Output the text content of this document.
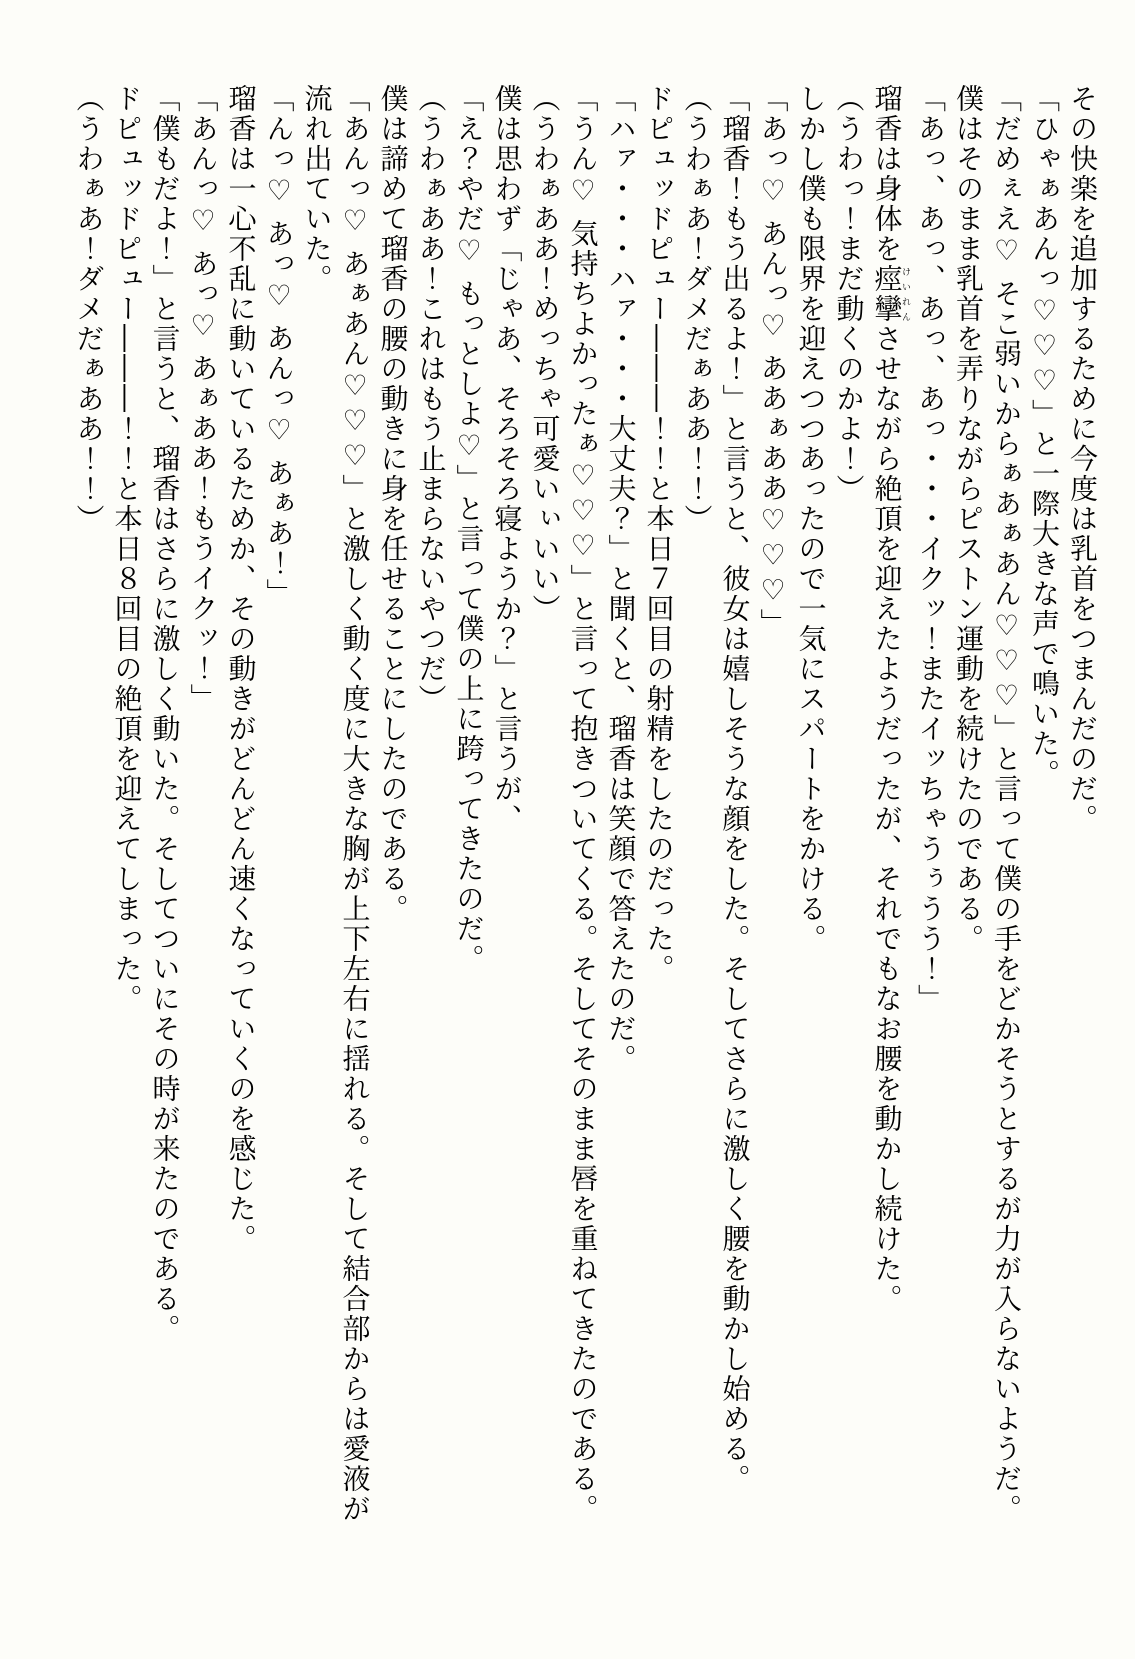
その快楽を追加するために今度は乳首をつまんだのだ。

「ひゃぁあんっ♡♡♡」と一際大きな声で鳴いた。

「だめぇえ♡ そこ弱いからぁあぁあん♡♡♡」と言って僕の手をどかそうとするが力が入らないようだ。

僕はそのまま乳首を弄りながらピストン運動を続けたのである。

「あっ、あっ、あっ、あっ・・・イクッ！またイッちゃうぅうう！」

瑠香は身体を痙攣けいれんさせながら絶頂を迎えたようだったが、それでもなお腰を動かし続けた。

（うわっ！まだ動くのかよ！）

しかし僕も限界を迎えつつあったので一気にスパートをかける。

「あっ♡ あんっ♡ ああぁああ♡♡♡」

「瑠香！もう出るよ！」と言うと、彼女は嬉しそうな顔をした。そしてさらに激しく腰を動かし始める。

（うわぁあ！ダメだぁああ！！）

ドピュッドピュー―――！！と本日７回目の射精をしたのだった。

「ハァ・・・ハァ・・・大丈夫？」と聞くと、瑠香は笑顔で答えたのだ。

「うん♡ 気持ちよかったぁ♡♡♡」と言って抱きついてくる。そしてそのまま唇を重ねてきたのである。

（うわぁああ！めっちゃ可愛いぃいい）

僕は思わず「じゃあ、そろそろ寝ようか？」と言うが、

「え？やだ♡ もっとしよ♡」と言って僕の上に跨ってきたのだ。

（うわぁああ！これはもう止まらないやつだ）

僕は諦めて瑠香の腰の動きに身を任せることにしたのである。

「あんっ♡ あぁあん♡♡♡」と激しく動く度に大きな胸が上下左右に揺れる。そして結合部からは愛液が流れ出ていた。

「んっ♡ あっ♡ あんっ♡ あぁあ！」

瑠香は一心不乱に動いているためか、その動きがどんどん速くなっていくのを感じた。

「あんっ♡ あっ♡ あぁああ！もうイクッ！」

「僕もだよ！」と言うと、瑠香はさらに激しく動いた。そしてついにその時が来たのである。

ドピュッドピュー―――！！と本日８回目の絶頂を迎えてしまった。

（うわぁあ！ダメだぁああ！！）
